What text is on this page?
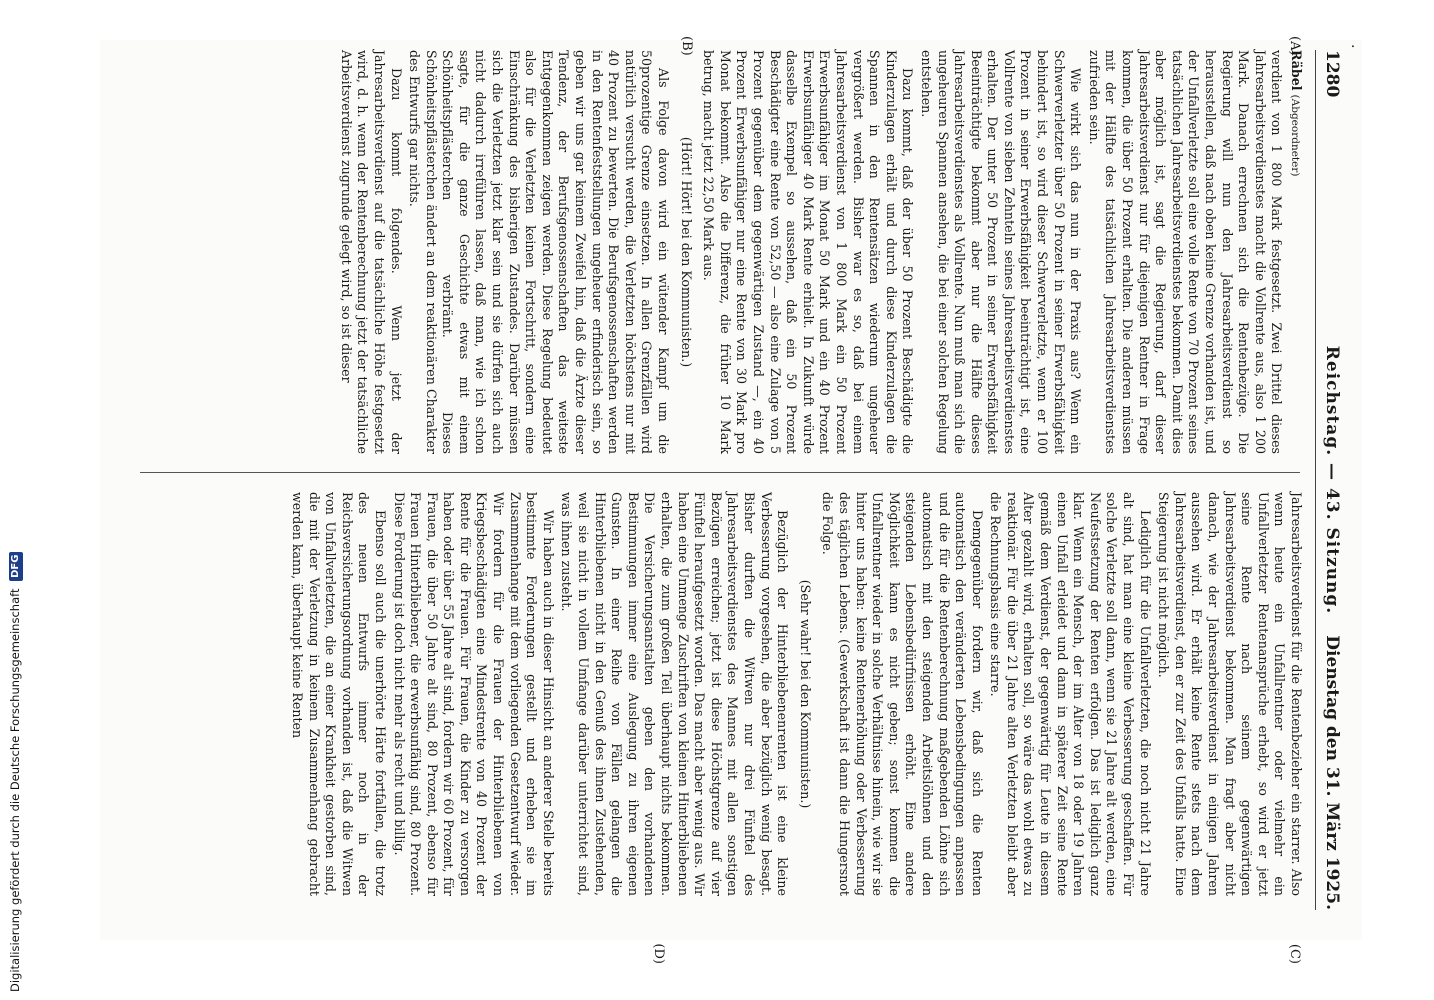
Digitalisierung gefördert durch die Deutsche Forschungsgemeinschaft DFG
·
1280
Reichstag. — 43. Sitzung.
Dienstag den 31. März 1925.
(A)
(B)
(C)
(D)

Räbel (Abgeordneter)

verdient von 1 800 Mark festgesetzt. Zwei Drittel dieses Jahresarbeitsverdienstes macht die Vollrente aus, also 1 200 Mark. Danach errechnen sich die Rentenbezüge. Die Regierung will nun den Jahresarbeitsverdienst so herausstellen, daß nach oben keine Grenze vorhanden ist, und der Unfallverletzte soll eine volle Rente von 70 Prozent seines tatsächlichen Jahresarbeitsverdienstes bekommen. Damit dies aber möglich ist, sagt die Regierung, darf dieser Jahresarbeitsverdienst nur für diejenigen Rentner in Frage kommen, die über 50 Prozent erhalten. Die anderen müssen mit der Hälfte des tatsächlichen Jahresarbeitsverdienstes zufrieden sein.

Wie wirkt sich das nun in der Praxis aus? Wenn ein Schwerverletzter über 50 Prozent in seiner Erwerbsfähigkeit behindert ist, so wird dieser Schwerverletzte, wenn er 100 Prozent in seiner Erwerbsfähigkeit beeinträchtigt ist, eine Vollrente von sieben Zehnteln seines Jahresarbeitsverdienstes erhalten. Der unter 50 Prozent in seiner Erwerbsfähigkeit Beeinträchtigte bekommt aber nur die Hälfte dieses Jahresarbeitsverdienstes als Vollrente. Nun muß man sich die ungeheuren Spannen ansehen, die bei einer solchen Regelung entstehen.

Dazu kommt, daß der über 50 Prozent Beschädigte die Kinderzulagen erhält und durch diese Kinderzulagen die Spannen in den Rentensätzen wiederum ungeheuer vergrößert werden. Bisher war es so, daß bei einem Jahresarbeitsverdienst von 1 800 Mark ein 50 Prozent Erwerbsunfähiger im Monat 50 Mark und ein 40 Prozent Erwerbsunfähiger 40 Mark Rente erhielt. In Zukunft würde dasselbe Exempel so aussehen, daß ein 50 Prozent Beschädigter eine Rente von 52,50 — also eine Zulage von 5 Prozent gegenüber dem gegenwärtigen Zustand —, ein 40 Prozent Erwerbsunfähiger nur eine Rente von 30 Mark pro Monat bekommt. Also die Differenz, die früher 10 Mark betrug, macht jetzt 22,50 Mark aus.

(Hört! Hört! bei den Kommunisten.)

Als Folge davon wird ein wütender Kampf um die 50prozentige Grenze einsetzen. In allen Grenzfällen wird natürlich versucht werden, die Verletzten höchstens nur mit 40 Prozent zu bewerten. Die Berufsgenossenschaften werden in den Rentenfeststellungen ungeheuer erfinderisch sein, so geben wir uns gar keinem Zweifel hin, daß die Ärzte dieser Tendenz, der Berufsgenossenschaften das weiteste Entgegenkommen zeigen werden. Diese Regelung bedeutet also für die Verletzten keinen Fortschritt, sondern eine Einschränkung des bisherigen Zustandes. Darüber müssen sich die Verletzten jetzt klar sein und sie dürfen sich auch nicht dadurch irreführen lassen, daß man, wie ich schon sagte, für die ganze Geschichte etwas mit einem Schönheitspflästerchen verbrämt. Dieses Schönheitspflästerchen ändert an dem reaktionären Charakter des Entwurfs gar nichts.

Dazu kommt folgendes. Wenn jetzt der Jahresarbeitsverdienst auf die tatsächliche Höhe festgesetzt wird, d. h. wenn der Rentenberechnung jetzt der tatsächliche Arbeitsverdienst zugrunde gelegt wird, so ist dieser

Jahresarbeitsverdienst für die Rentenbezieher ein starrer. Also wenn heute ein Unfallrentner oder vielmehr ein Unfallverletzter Rentenansprüche erhebt, so wird er jetzt seine Rente nach seinem gegenwärtigen Jahresarbeitsverdienst bekommen. Man fragt aber nicht danach, wie der Jahresarbeitsverdienst in einigen Jahren aussehen wird. Er erhält keine Rente stets nach dem Jahresarbeitsverdienst, den er zur Zeit des Unfalls hatte. Eine Steigerung ist nicht möglich.

Lediglich für die Unfallverletzten, die noch nicht 21 Jahre alt sind, hat man eine kleine Verbesserung geschaffen. Für solche Verletzte soll dann, wenn sie 21 Jahre alt werden, eine Neufestsetzung der Renten erfolgen. Das ist lediglich ganz klar. Wenn ein Mensch, der im Alter von 18 oder 19 Jahren einen Unfall erleidet und dann in späterer Zeit seine Rente gemäß dem Verdienst, der gegenwärtig für Leute in diesem Alter gezahlt wird, erhalten soll, so wäre das wohl etwas zu reaktionär. Für die über 21 Jahre alten Verletzten bleibt aber die Rechnungsbasis eine starre.

Demgegenüber fordern wir, daß sich die Renten automatisch den veränderten Lebensbedingungen anpassen und die für die Rentenberechnung maßgebenden Löhne sich automatisch mit den steigenden Arbeitslöhnen und den steigenden Lebensbedürfnissen erhöht. Eine andere Möglichkeit kann es nicht geben; sonst kommen die Unfallrentner wieder in solche Verhältnisse hinein, wie wir sie hinter uns haben: keine Rentenerhöhung oder Verbesserung des täglichen Lebens. (Gewerkschaft ist dann die Hungersnot die Folge.

(Sehr wahr! bei den Kommunisten.)

Bezüglich der Hinterbliebenenrenten ist eine kleine Verbesserung vorgesehen, die aber bezüglich wenig besagt. Bisher durften die Witwen nur drei Fünftel des Jahresarbeitsverdienstes des Mannes mit allen sonstigen Bezügen erreichen; jetzt ist diese Höchstgrenze auf vier Fünftel heraufgesetzt worden. Das macht aber wenig aus. Wir haben eine Unmenge Zuschriften von kleinen Hinterbliebenen erhalten, die zum großen Teil überhaupt nichts bekommen. Die Versicherungsanstalten geben den vorhandenen Bestimmungen immer eine Auslegung zu ihren eigenen Gunsten. In einer Reihe von Fällen gelangen die Hinterbliebenen nicht in den Genuß des ihnen Zustehenden, weil sie nicht in vollem Umfange darüber unterrichtet sind, was ihnen zusteht.

Wir haben auch in dieser Hinsicht an anderer Stelle bereits bestimmte Forderungen gestellt und erheben sie im Zusammenhange mit dem vorliegenden Gesetzentwurf wieder. Wir fordern für die Frauen der Hinterbliebenen von Kriegsbeschädigten eine Mindestrente von 40 Prozent der Rente für die Frauen. Für Frauen, die Kinder zu versorgen haben oder über 55 Jahre alt sind, fordern wir 60 Prozent, für Frauen, die über 50 Jahre alt sind, 80 Prozent, ebenso für Frauen Hinterbliebener, die erwerbsunfähig sind, 80 Prozent. Diese Forderung ist doch nicht mehr als recht und billig.

Ebenso soll auch die unerhörte Härte fortfallen, die trotz des neuen Entwurfs immer noch in der Reichsversicherungsordnung vorhanden ist, daß die Witwen von Unfallverletzten, die an einer Krankheit gestorben sind, die mit der Verletzung in keinem Zusammenhang gebracht werden kann, überhaupt keine Renten
